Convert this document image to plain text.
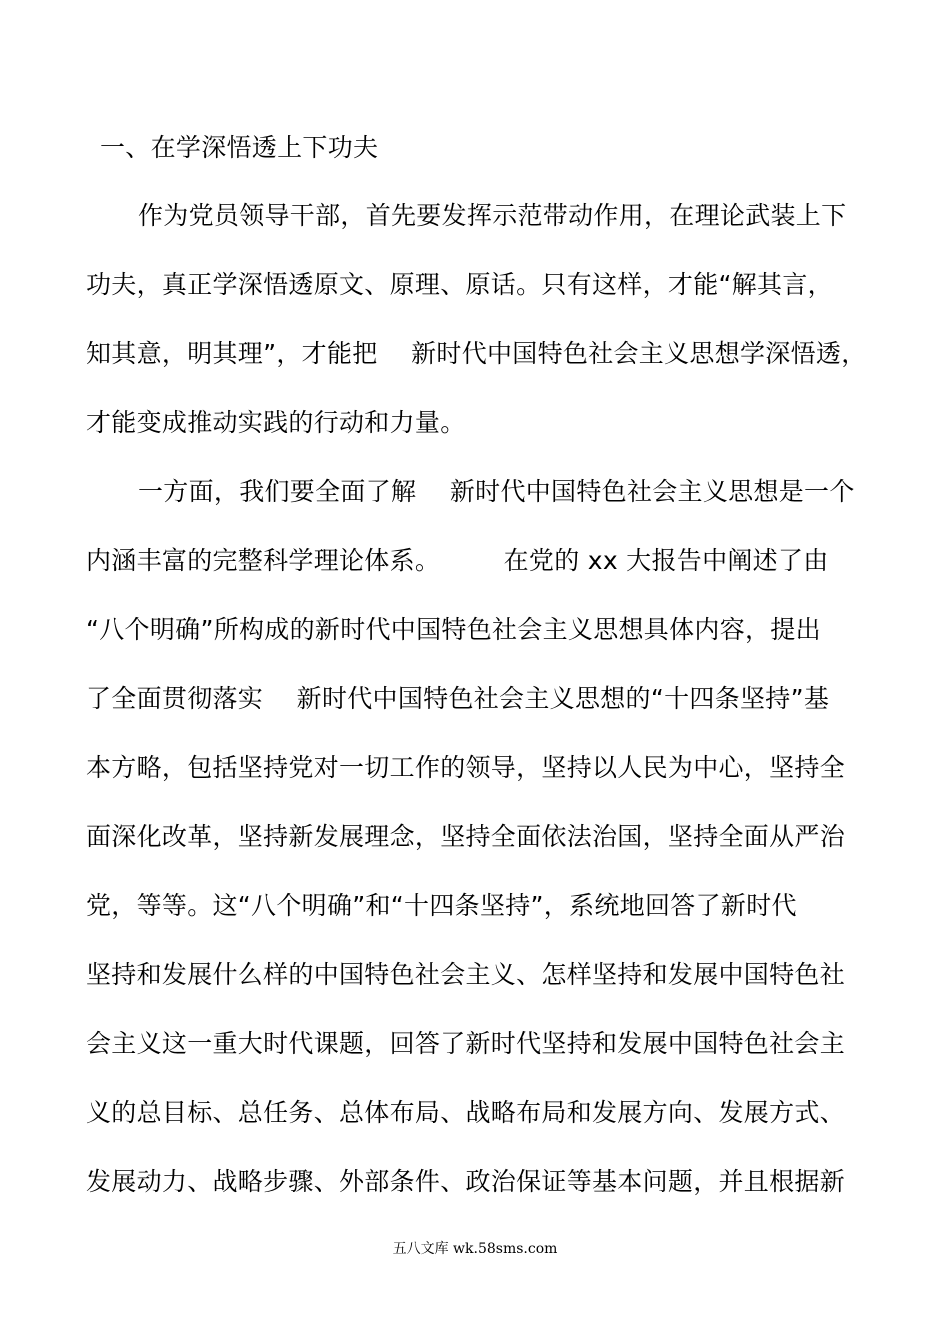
一、在学深悟透上下功夫
作为党员领导干部，首先要发挥示范带动作用，在理论武装上下
功夫，真正学深悟透原文、原理、原话。只有这样，才能“解其言，
知其意，明其理”，才能把　 新时代中国特色社会主义思想学深悟透，
才能变成推动实践的行动和力量。
一方面，我们要全面了解　 新时代中国特色社会主义思想是一个
内涵丰富的完整科学理论体系。　　　在党的 xx 大报告中阐述了由
“八个明确”所构成的新时代中国特色社会主义思想具体内容，提出
了全面贯彻落实　 新时代中国特色社会主义思想的“十四条坚持”基
本方略，包括坚持党对一切工作的领导，坚持以人民为中心，坚持全
面深化改革，坚持新发展理念，坚持全面依法治国，坚持全面从严治
党，等等。这“八个明确”和“十四条坚持”，系统地回答了新时代
坚持和发展什么样的中国特色社会主义、怎样坚持和发展中国特色社
会主义这一重大时代课题，回答了新时代坚持和发展中国特色社会主
义的总目标、总任务、总体布局、战略布局和发展方向、发展方式、
发展动力、战略步骤、外部条件、政治保证等基本问题，并且根据新
五八文库 wk.58sms.com
